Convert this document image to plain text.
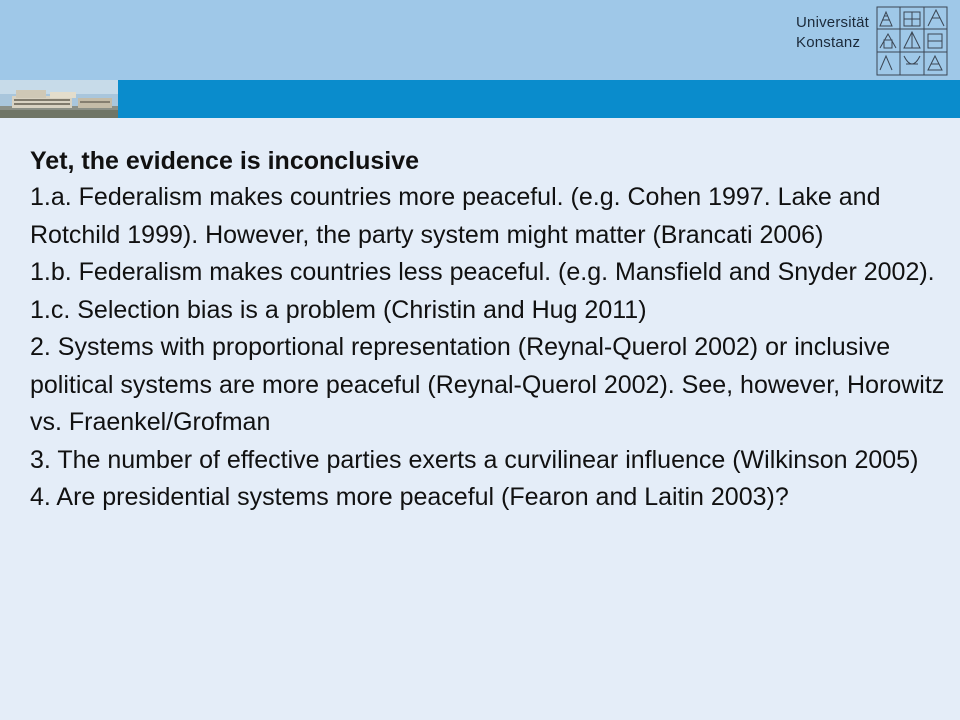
Universität
Konstanz
Yet, the evidence is inconclusive

1.a. Federalism makes countries more peaceful. (e.g. Cohen 1997. Lake and Rotchild 1999). However, the party system might matter (Brancati 2006)

1.b. Federalism makes countries less peaceful. (e.g. Mansfield and Snyder 2002).

1.c. Selection bias is a problem (Christin and Hug 2011)

2. Systems with proportional representation (Reynal-Querol 2002) or inclusive political systems are more peaceful (Reynal-Querol 2002). See, however, Horowitz vs. Fraenkel/Grofman

3. The number of effective parties exerts a curvilinear influence (Wilkinson 2005)

4. Are presidential systems more peaceful (Fearon and Laitin 2003)?
